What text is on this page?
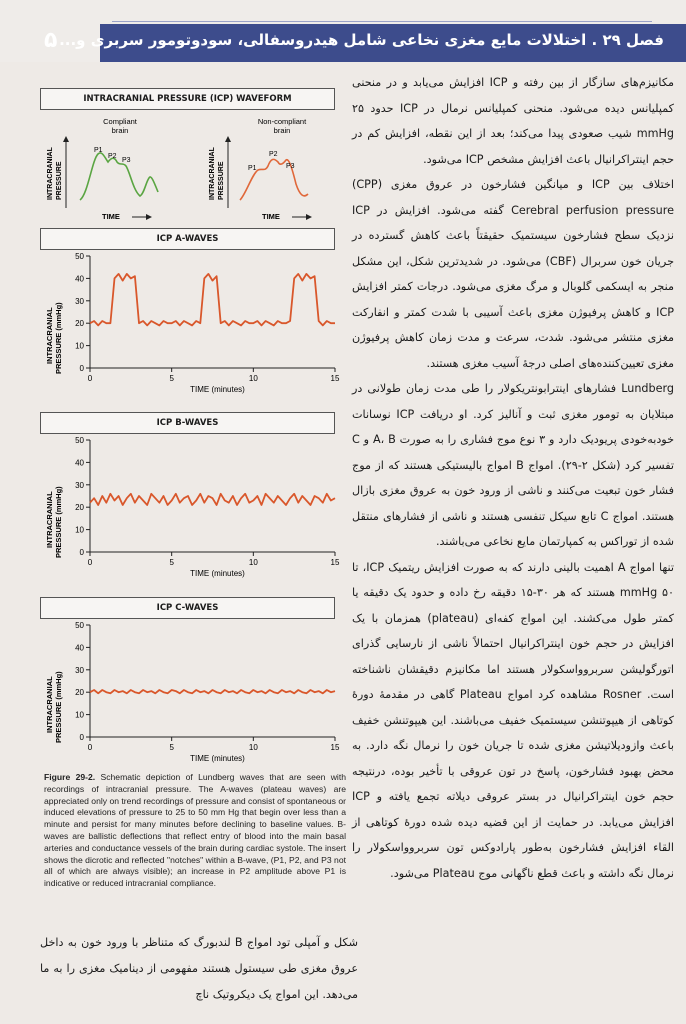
۵ فصل ۲۹ . اختلالات مایع مغزی نخاعی شامل هیدروسفالی، سودوتومور سربری و...

مکانیزم‌های سازگار از بین رفته و ICP افزایش می‌یابد و در منحنی کمپلیانس دیده می‌شود. منحنی کمپلیانس نرمال در ICP حدود ۲۵ mmHg شیب صعودی پیدا می‌کند؛ بعد از این نقطه، افزایش کم در حجم اینتراکرانیال باعث افزایش مشخص ICP می‌شود.

اختلاف بین ICP و میانگین فشارخون در عروق مغزی (CPP) Cerebral perfusion pressure گفته می‌شود. افزایش در ICP نزدیک سطح فشارخون سیستمیک حقیقتاً باعث کاهش گسترده در جریان خون سربرال (CBF) می‌شود. در شدیدترین شکل، این مشکل منجر به ایسکمی گلوبال و مرگ مغزی می‌شود. درجات کمتر افزایش ICP و کاهش پرفیوژن مغزی باعث آسیبی با شدت کمتر و انفارکت مغزی منتشر می‌شود. شدت، سرعت و مدت زمان کاهش پرفیوژن مغزی تعیین‌کننده‌های اصلی درجهٔ آسیب مغزی هستند.

Lundberg فشارهای اینترابونتریکولار را طی مدت زمان طولانی در مبتلایان به تومور مغزی ثبت و آنالیز کرد. او دریافت ICP نوسانات خودبه‌خودی پریودیک دارد و ۳ نوع موج فشاری را به صورت A، B و C تفسیر کرد (شکل ۲-۲۹). امواج B امواج بالیستیکی هستند که از موج فشار خون تبعیت می‌کنند و ناشی از ورود خون به عروق مغزی بازال هستند. امواج C تابع سیکل تنفسی هستند و ناشی از فشارهای منتقل شده از توراکس به کمپارتمان مایع نخاعی می‌باشند.

تنها امواج A اهمیت بالینی دارند که به صورت افزایش ریتمیک ICP، تا ۵۰ mmHg هستند که هر ۳۰-۱۵ دقیقه رخ داده و حدود یک دقیقه یا کمتر طول می‌کشند. این امواج کفه‌ای (plateau) همزمان با یک افزایش در حجم خون اینتراکرانیال احتمالاً ناشی از نارسایی گذرای اتورگولیشن سربروواسکولار هستند اما مکانیزم دقیقشان ناشناخته است. Rosner مشاهده کرد امواج Plateau گاهی در مقدمهٔ دورهٔ کوتاهی از هیپوتنشن سیستمیک خفیف می‌باشند. این هیپوتنشن خفیف باعث وازودیلاتیشن مغزی شده تا جریان خون را نرمال نگه دارد. به محض بهبود فشارخون، پاسخ در تون عروقی با تأخیر بوده، درنتیجه حجم خون اینتراکرانیال در بستر عروقی دیلاته تجمع یافته و ICP افزایش می‌یابد. در حمایت از این قضیه دیده شده دورهٔ کوتاهی از القاء افزایش فشارخون به‌طور پارادوکس تون سربروواسکولار را نرمال نگه داشته و باعث قطع ناگهانی موج Plateau می‌شود.

INTRACRANIAL PRESSURE (ICP) WAVEFORM
INTRACRANIAL PRESSURE
Compliant
brain
P1
P2
P3
TIME
INTRACRANIAL PRESSURE
Non-compliant
brain
P1
P2
P3
TIME
ICP A-WAVES
INTRACRANIAL PRESSURE (mmHg) 0
10
20
30
40
50
0	5	10	15
TIME (minutes)
ICP B-WAVES
INTRACRANIAL PRESSURE (mmHg) 0
10
20
30
40
50
0	5	10	15
TIME (minutes)
ICP C-WAVES
INTRACRANIAL PRESSURE (mmHg) 0
10
20
30
40
50
0	5	10	15
TIME (minutes)
Figure 29-2. Schematic depiction of Lundberg waves that are seen with recordings of intracranial pressure. The A-waves (plateau waves) are appreciated only on trend recordings of pressure and consist of spontaneous or induced elevations of pressure to 25 to 50 mm Hg that begin over less than a minute and persist for many minutes before declining to baseline values. B-waves are ballistic deflections that reflect entry of blood into the main basal arteries and conductance vessels of the brain during cardiac systole. The insert shows the dicrotic and reflected "notches" within a B-wave, (P1, P2, and P3 not all of which are always visible); an increase in P2 amplitude above P1 is indicative or reduced intracranial compliance.

شکل و آمپلی تود امواج B لندبورگ که متناظر با ورود خون به داخل عروق مغزی طی سیستول هستند مفهومی از دینامیک مغزی را به ما می‌دهد. این امواج یک دیکروتیک ناچ
